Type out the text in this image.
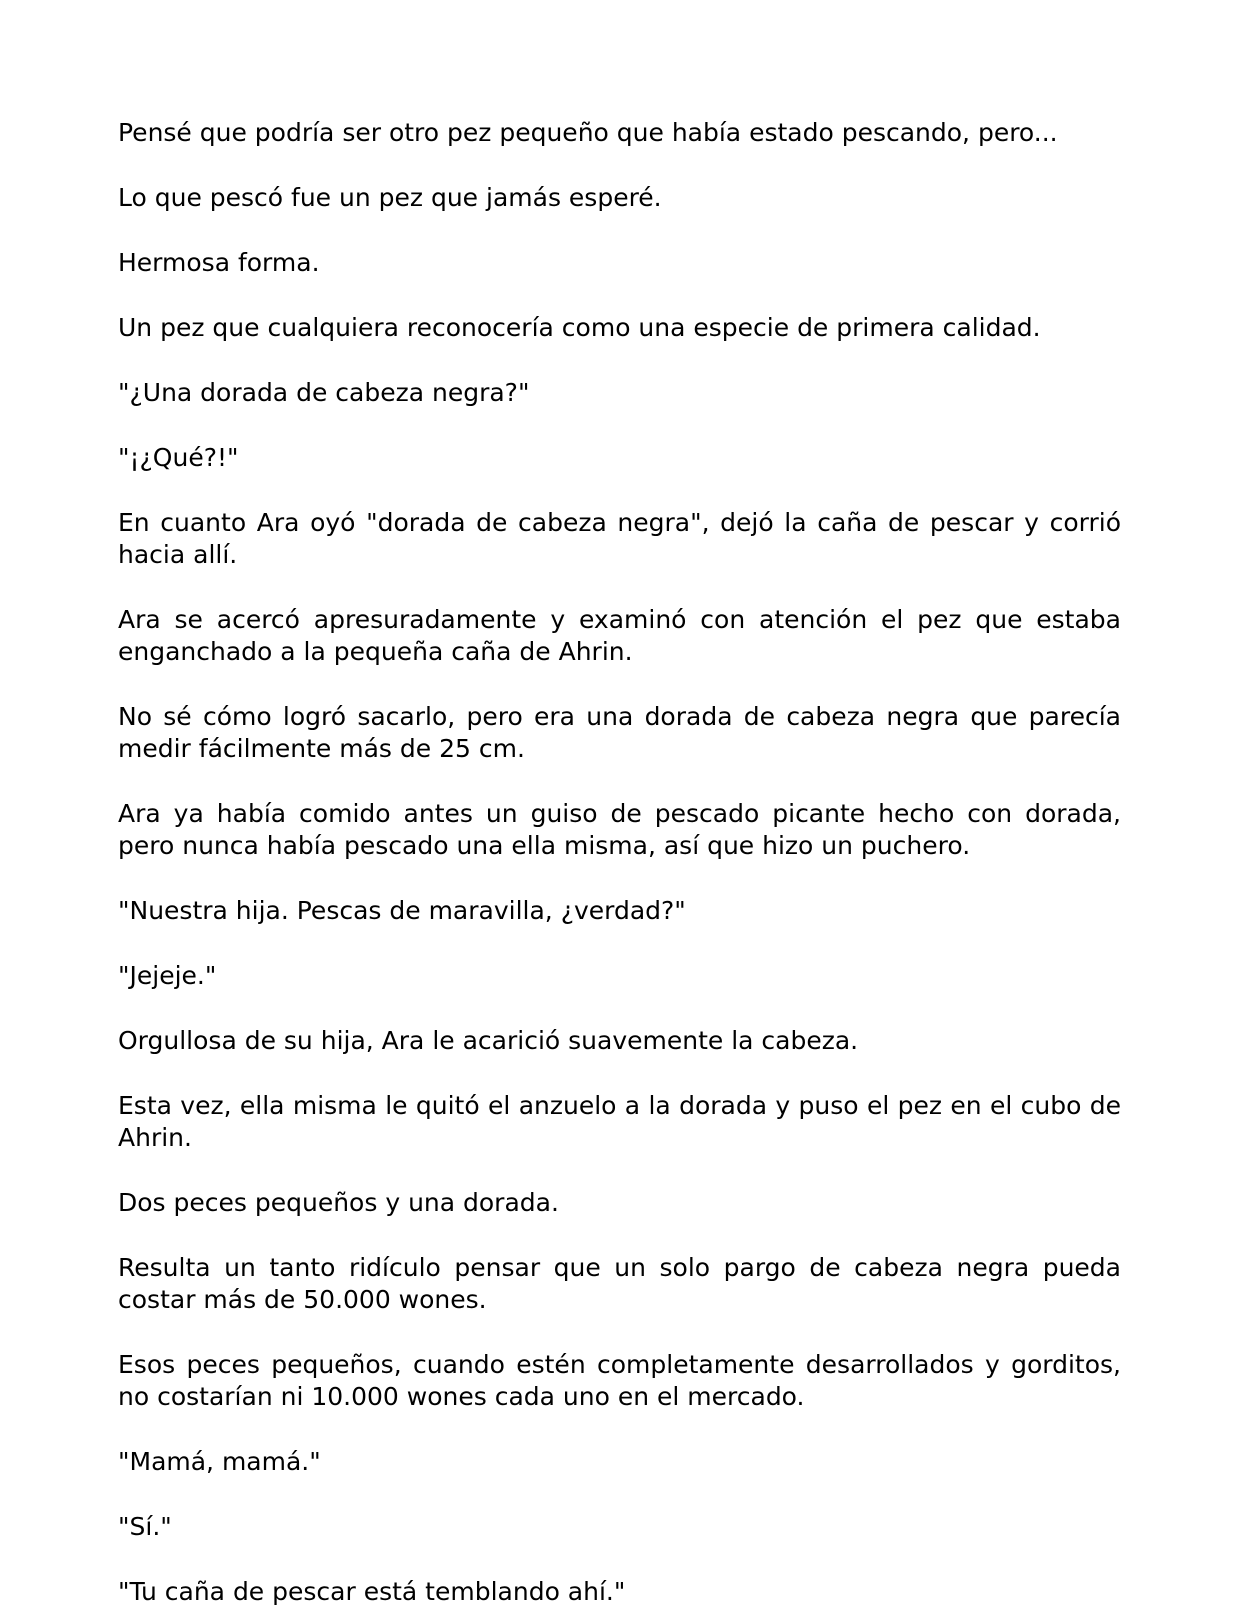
Pensé que podría ser otro pez pequeño que había estado pescando, pero...

Lo que pescó fue un pez que jamás esperé.

Hermosa forma.

Un pez que cualquiera reconocería como una especie de primera calidad.

"¿Una dorada de cabeza negra?"

"¡¿Qué?!"

En cuanto Ara oyó "dorada de cabeza negra", dejó la caña de pescar y corrió hacia allí.

Ara se acercó apresuradamente y examinó con atención el pez que estaba enganchado a la pequeña caña de Ahrin.

No sé cómo logró sacarlo, pero era una dorada de cabeza negra que parecía medir fácilmente más de 25 cm.

Ara ya había comido antes un guiso de pescado picante hecho con dorada, pero nunca había pescado una ella misma, así que hizo un puchero.

"Nuestra hija. Pescas de maravilla, ¿verdad?"

"Jejeje."

Orgullosa de su hija, Ara le acarició suavemente la cabeza.

Esta vez, ella misma le quitó el anzuelo a la dorada y puso el pez en el cubo de Ahrin.

Dos peces pequeños y una dorada.

Resulta un tanto ridículo pensar que un solo pargo de cabeza negra pueda costar más de 50.000 wones.

Esos peces pequeños, cuando estén completamente desarrollados y gorditos, no costarían ni 10.000 wones cada uno en el mercado.

"Mamá, mamá."

"Sí."

"Tu caña de pescar está temblando ahí."
